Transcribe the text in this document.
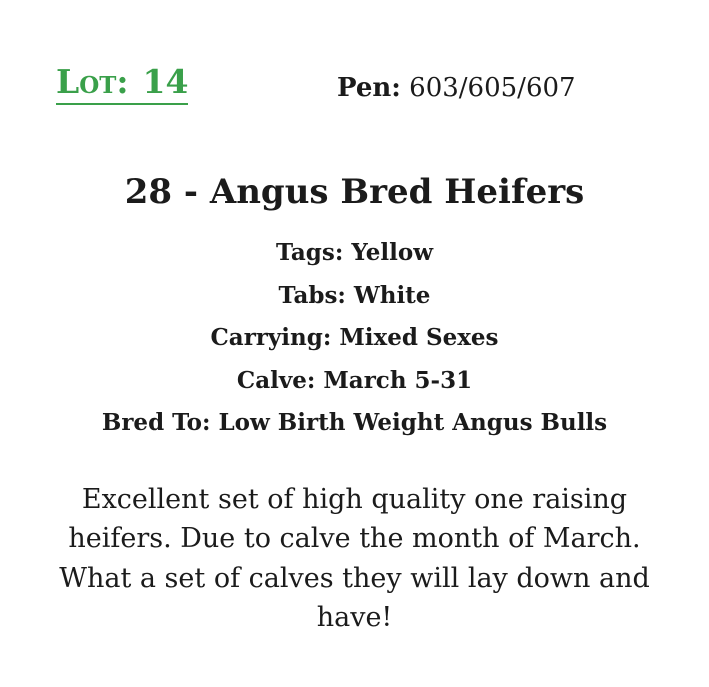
Lot: 14	Pen: 603/605/607
28 - Angus Bred Heifers
Tags: Yellow
Tabs: White
Carrying: Mixed Sexes
Calve: March 5-31
Bred To: Low Birth Weight Angus Bulls
Excellent set of high quality one raising
heifers. Due to calve the month of March.
What a set of calves they will lay down and
have!
